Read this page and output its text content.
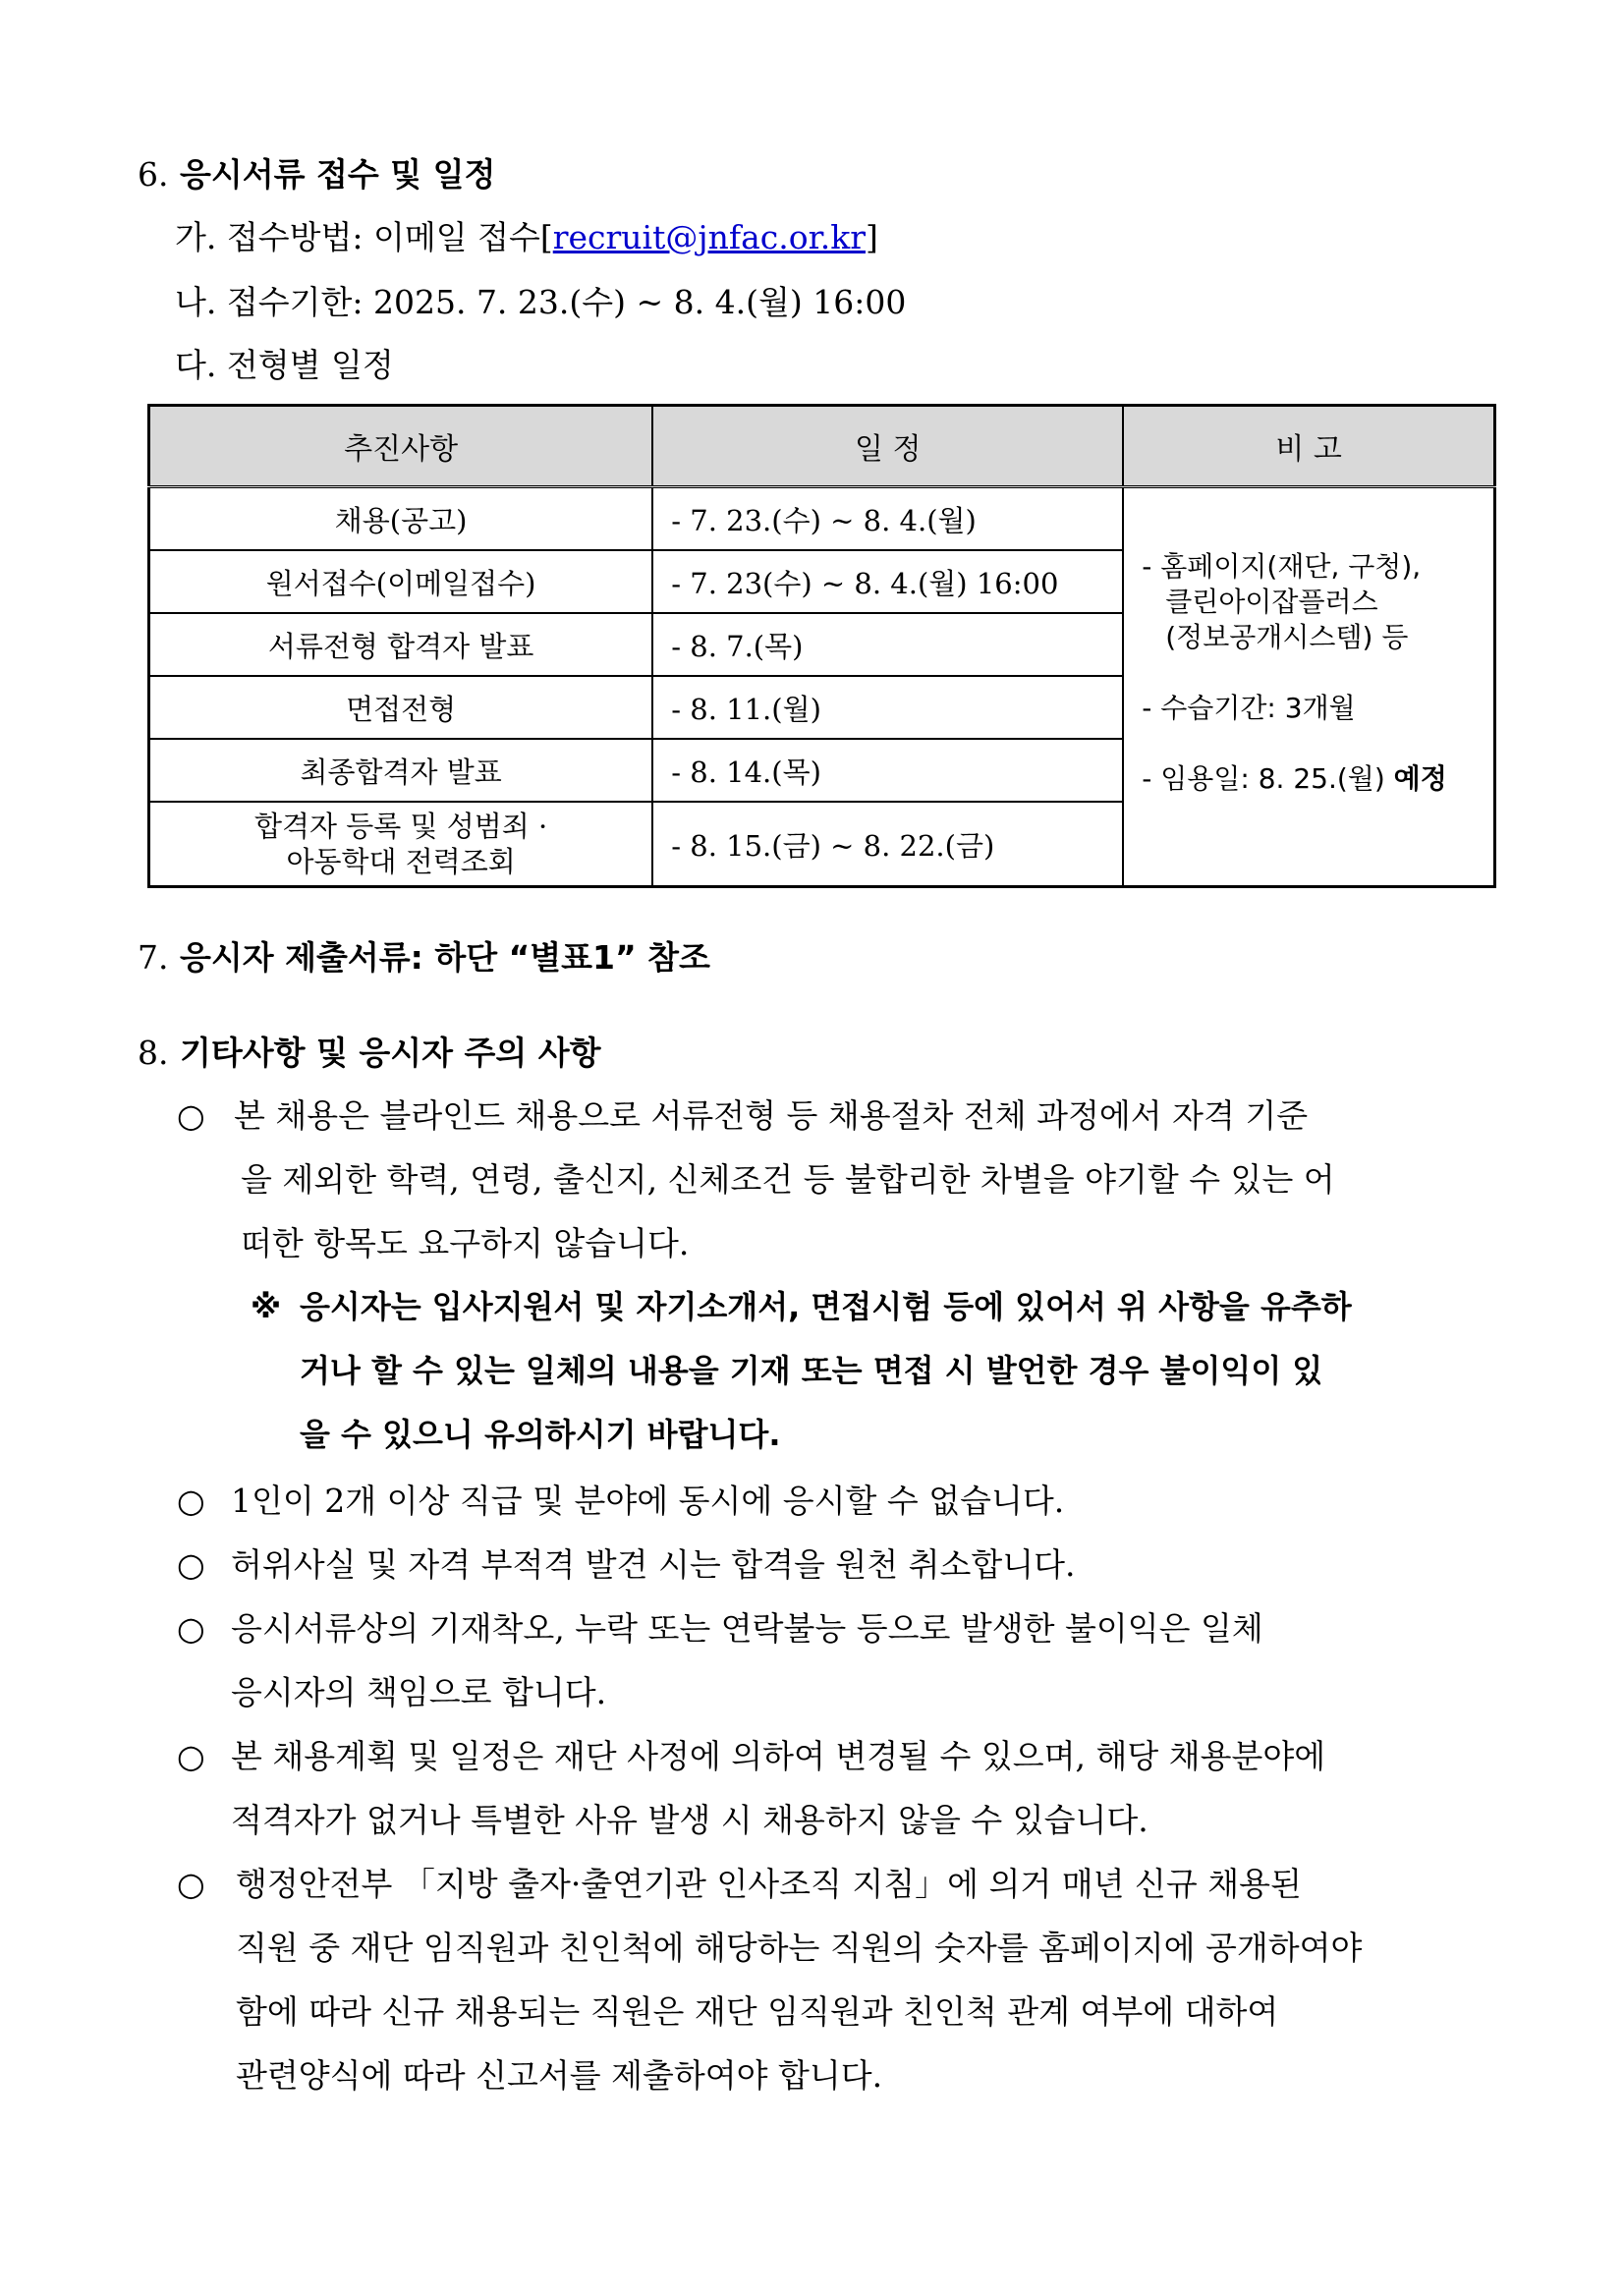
6. 응시서류 접수 및 일정
가. 접수방법: 이메일 접수[recruit@jnfac.or.kr]
나. 접수기한: 2025. 7. 23.(수) ~ 8. 4.(월) 16:00
다. 전형별 일정
추진사항	일 정	비 고
채용(공고)	- 7. 23.(수) ~ 8. 4.(월)	- 홈페이지(재단, 구청),
클린아이잡플러스
(정보공개시스템) 등
- 수습기간: 3개월
- 임용일: 8. 25.(월) 예정

원서접수(이메일접수)	- 7. 23(수) ~ 8. 4.(월) 16:00	
서류전형 합격자 발표	- 8. 7.(목)	
면접전형	- 8. 11.(월)	
최종합격자 발표	- 8. 14.(목)	

합격자 등록 및 성범죄 ·
아동학대 전력조회	- 8. 15.(금) ~ 8. 22.(금)	
7. 응시자 제출서류: 하단 “별표1” 참조
8. 기타사항 및 응시자 주의 사항
○ 본 채용은 블라인드 채용으로 서류전형 등 채용절차 전체 과정에서 자격 기준
을 제외한 학력, 연령, 출신지, 신체조건 등 불합리한 차별을 야기할 수 있는 어
떠한 항목도 요구하지 않습니다.
※ 응시자는 입사지원서 및 자기소개서, 면접시험 등에 있어서 위 사항을 유추하
거나 할 수 있는 일체의 내용을 기재 또는 면접 시 발언한 경우 불이익이 있
을 수 있으니 유의하시기 바랍니다.
○ 1인이 2개 이상 직급 및 분야에 동시에 응시할 수 없습니다.
○ 허위사실 및 자격 부적격 발견 시는 합격을 원천 취소합니다.
○ 응시서류상의 기재착오, 누락 또는 연락불능 등으로 발생한 불이익은 일체
응시자의 책임으로 합니다.
○ 본 채용계획 및 일정은 재단 사정에 의하여 변경될 수 있으며, 해당 채용분야에
적격자가 없거나 특별한 사유 발생 시 채용하지 않을 수 있습니다.
○ 행정안전부 「지방 출자·출연기관 인사조직 지침」에 의거 매년 신규 채용된
직원 중 재단 임직원과 친인척에 해당하는 직원의 숫자를 홈페이지에 공개하여야
함에 따라 신규 채용되는 직원은 재단 임직원과 친인척 관계 여부에 대하여
관련양식에 따라 신고서를 제출하여야 합니다.
